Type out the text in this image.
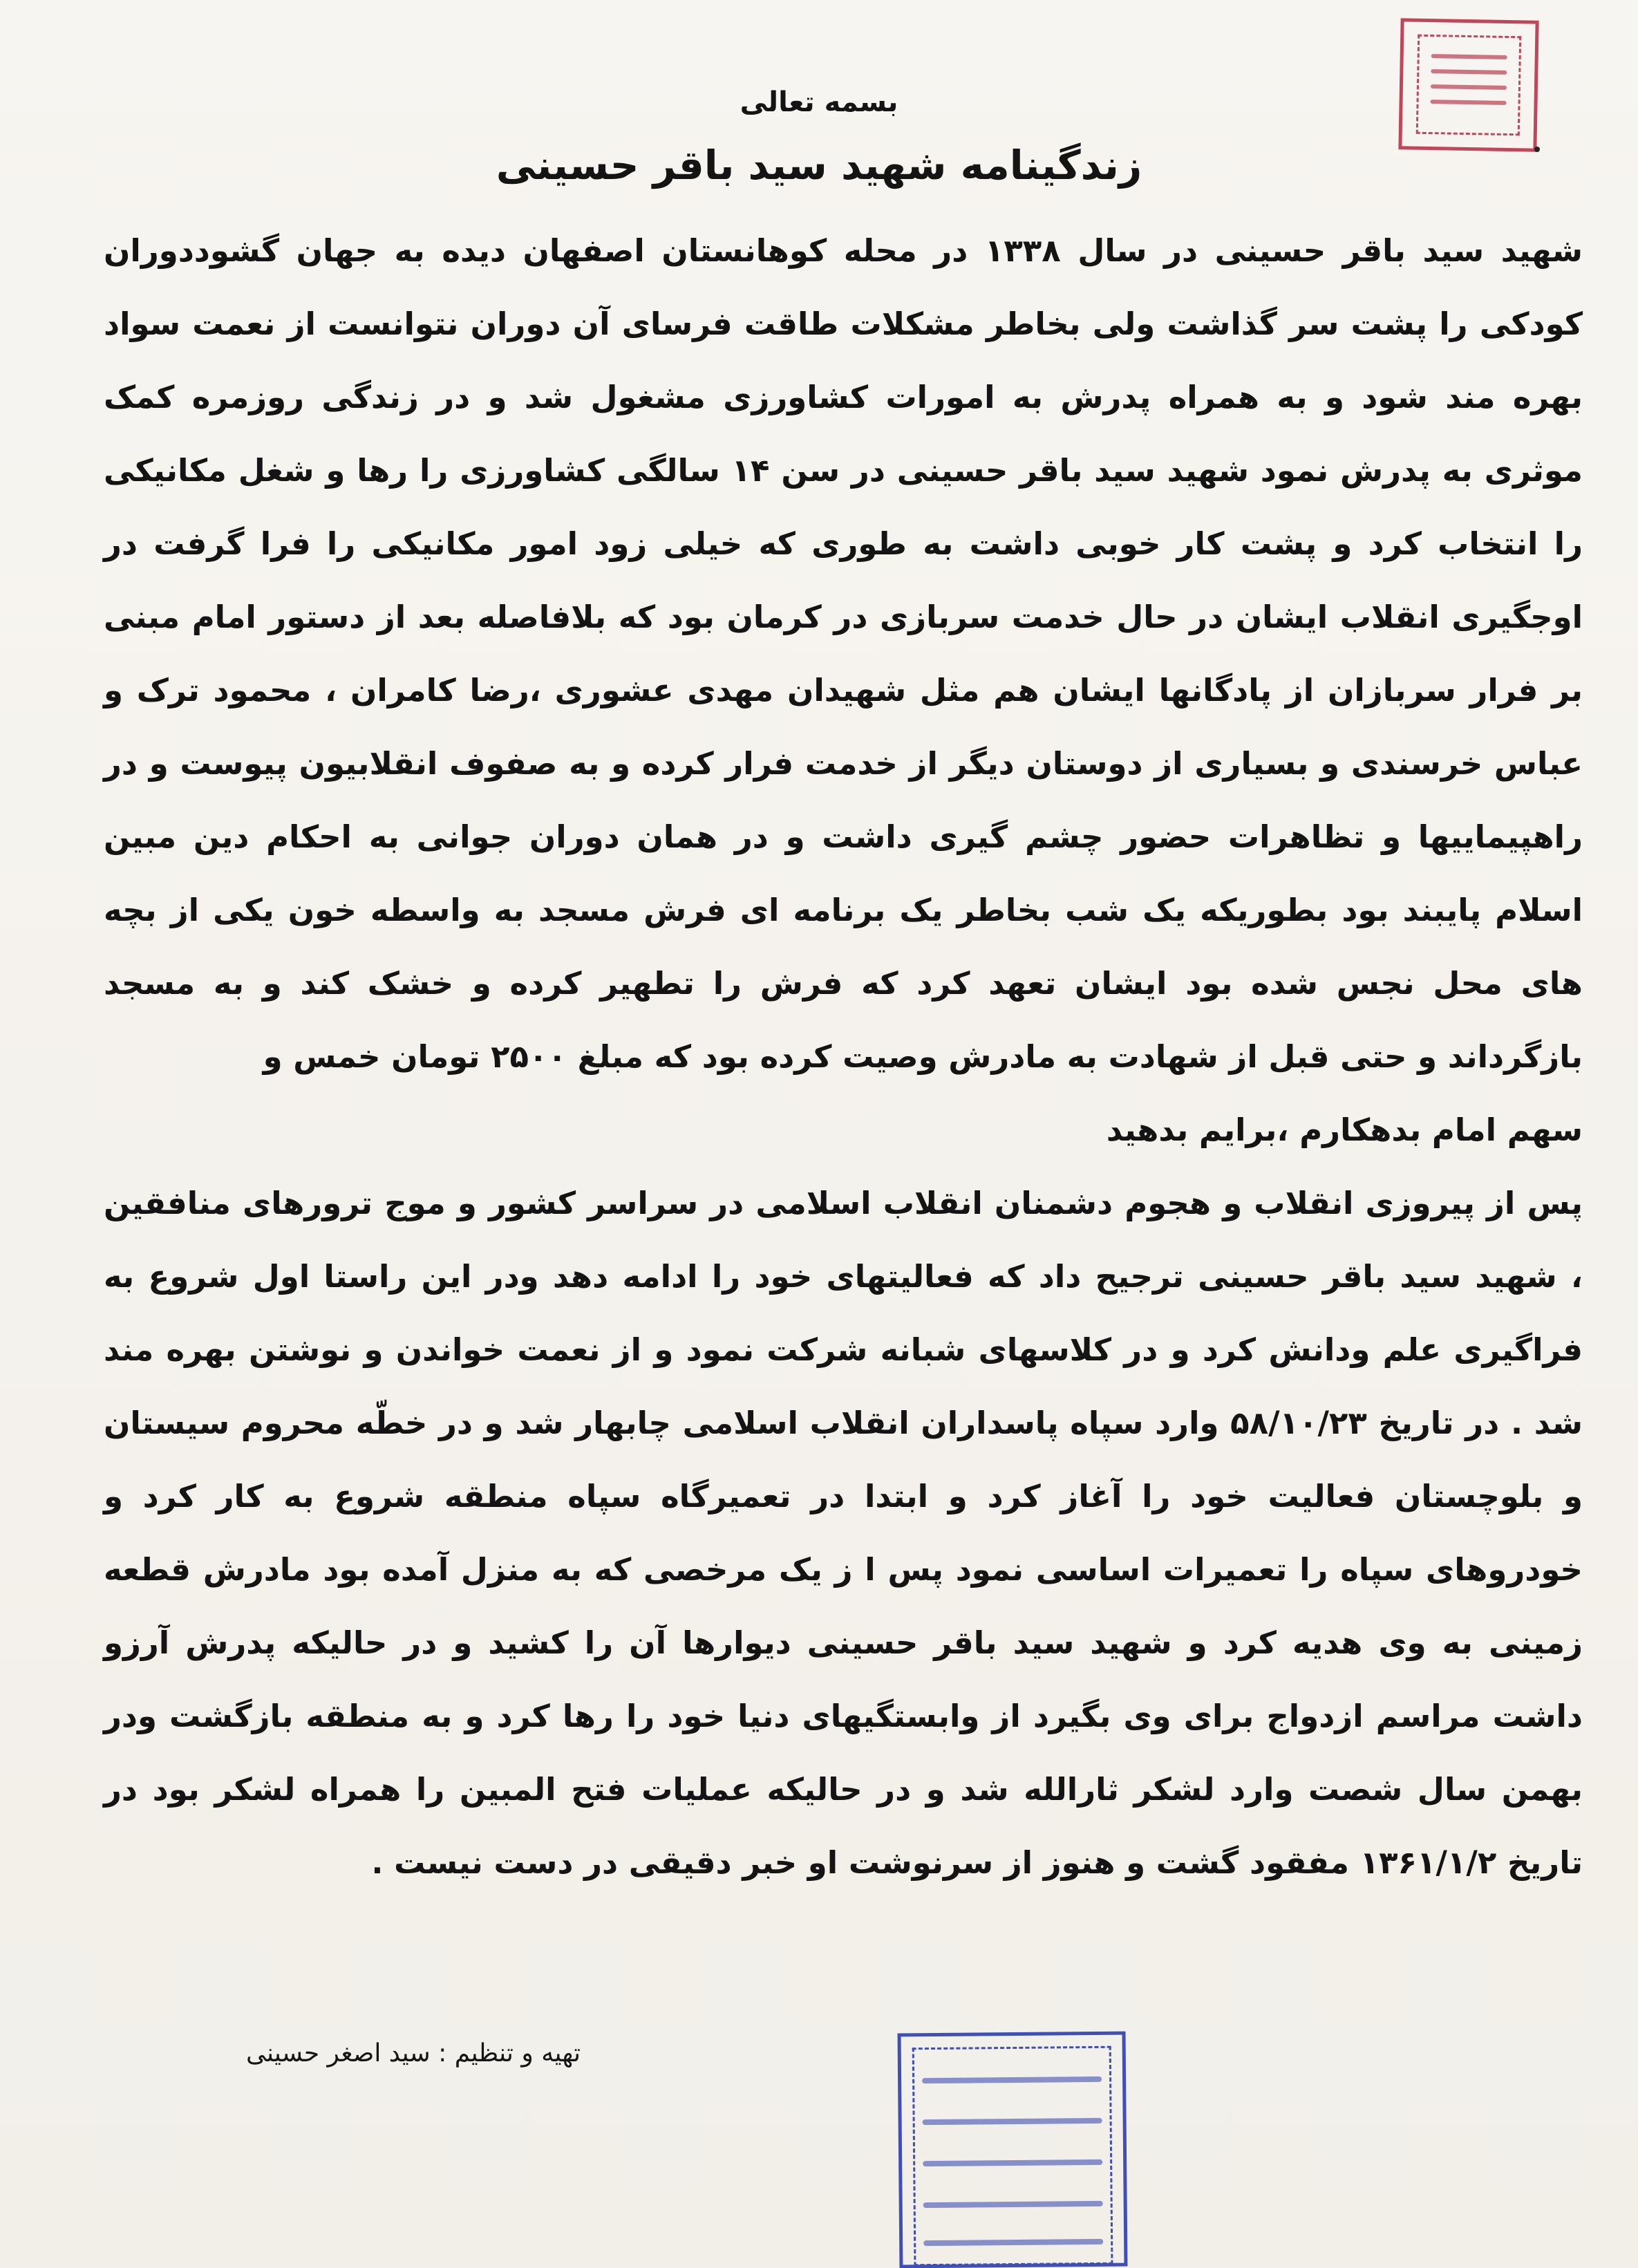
بسمه تعالی
زندگینامه شهید سید باقر حسینی

شهید سید باقر حسینی در سال ۱۳۳۸ در محله کوهانستان اصفهان دیده به جهان گشوددوران کودکی را پشت سر گذاشت ولی بخاطر مشکلات طاقت فرسای آن دوران نتوانست از نعمت سواد بهره مند شود و به همراه پدرش به امورات کشاورزی مشغول شد و در زندگی روزمره کمک موثری به پدرش نمود شهید سید باقر حسینی در سن ۱۴ سالگی کشاورزی را رها و شغل مکانیکی را انتخاب کرد و پشت کار خوبی داشت به طوری که خیلی زود امور مکانیکی را فرا گرفت در اوجگیری انقلاب ایشان در حال خدمت سربازی در کرمان بود که بلافاصله بعد از دستور امام مبنی بر فرار سربازان از پادگانها ایشان هم مثل شهیدان مهدی عشوری ،رضا کامران ، محمود ترک و عباس خرسندی و بسیاری از دوستان دیگر از خدمت فرار کرده و به صفوف انقلابیون پیوست و در راهپیماییها و تظاهرات حضور چشم گیری داشت و در همان دوران جوانی به احکام دین مبین اسلام پایبند بود بطوریکه یک شب بخاطر یک برنامه ای فرش مسجد به واسطه خون یکی از بچه های محل نجس شده بود ایشان تعهد کرد که فرش را تطهیر کرده و خشک کند و به مسجد بازگرداند و حتی قبل از شهادت به مادرش وصیت کرده بود که مبلغ ۲۵۰۰ تومان خمس و

سهم امام بدهکارم ،برایم بدهید

پس از پیروزی انقلاب و هجوم دشمنان انقلاب اسلامی در سراسر کشور و موج ترورهای منافقین ، شهید سید باقر حسینی ترجیح داد که فعالیتهای خود را ادامه دهد ودر این راستا اول شروع به فراگیری علم ودانش کرد و در کلاسهای شبانه شرکت نمود و از نعمت خواندن و نوشتن بهره مند شد . در تاریخ ۵۸/۱۰/۲۳ وارد سپاه پاسداران انقلاب اسلامی چابهار شد و در خطّه محروم سیستان و بلوچستان فعالیت خود را آغاز کرد و ابتدا در تعمیرگاه سپاه منطقه شروع به کار کرد و خودروهای سپاه را تعمیرات اساسی نمود پس ا ز یک مرخصی که به منزل آمده بود مادرش قطعه زمینی به وی هدیه کرد و شهید سید باقر حسینی دیوارها آن را کشید و در حالیکه پدرش آرزو داشت مراسم ازدواج برای وی بگیرد از وابستگیهای دنیا خود را رها کرد و به منطقه بازگشت ودر بهمن سال شصت وارد لشکر ثارالله شد و در حالیکه عملیات فتح المبین را همراه لشکر بود در تاریخ ۱۳۶۱/۱/۲ مفقود گشت و هنوز از سرنوشت او خبر دقیقی در دست نیست .

تهیه و تنظیم : سید اصغر حسینی
